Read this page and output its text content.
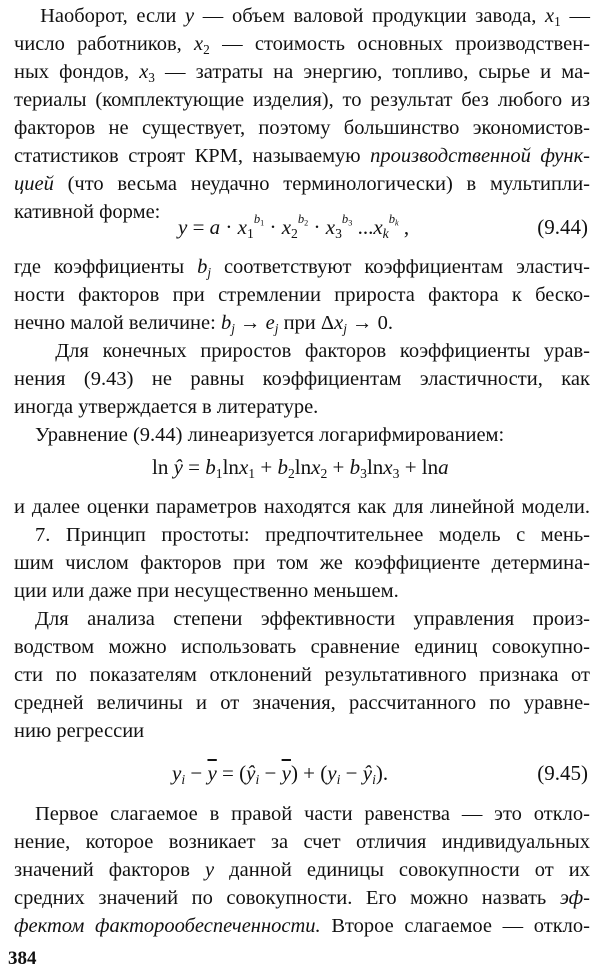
Наоборот, если y — объем валовой продукции завода, $x_1$ —
число работников, $x_2$ — стоимость основных производствен-
ных фондов, $x_3$ — затраты на энергию, топливо, сырье и ма-
териалы (комплектующие изделия), то результат без любого из
факторов не существует, поэтому большинство экономистов-
статистиков строят КРМ, называемую производственной функ-
цией (что весьма неудачно терминологически) в мультипли-
кативной форме:
$y = a \cdot x_1^{b_1} \cdot x_2^{b_2} \cdot x_3^{b_3}$ $...x_k^{b_k}$ ,	(9.44)
где коэффициенты $b_j$ соответствуют коэффициентам эластич-
ности факторов при стремлении прироста фактора к беско-
нечно малой величине: $b_j \to e_j$ при $\Delta x_j \to 0$.
Для конечных приростов факторов коэффициенты урав-
нения (9.43) не равны коэффициентам эластичности, как
иногда утверждается в литературе.
Уравнение (9.44) линеаризуется логарифмированием:
ln ŷ = $b_1\ln x_1 + b_2\ln x_2 + b_3\ln x_3 + \ln a$
и далее оценки параметров находятся как для линейной модели.
7. Принцип простоты: предпочтительнее модель с мень-
шим числом факторов при том же коэффициенте детермина-
ции или даже при несущественно меньшем.
Для анализа степени эффективности управления произ-
водством можно использовать сравнение единиц совокупно-
сти по показателям отклонений результативного признака от
средней величины и от значения, рассчитанного по уравне-
нию регрессии
$y_i - \overline{y}$ = $(ŷ_i - \overline{y}) + (y_i$ − $ŷ_i$).	(9.45)
Первое слагаемое в правой части равенства — это откло-
нение, которое возникает за счет отличия индивидуальных
значений факторов у данной единицы совокупности от их
средних значений по совокупности. Его можно назвать эф-
фектом факторообеспеченности. Второе слагаемое — откло-
384
